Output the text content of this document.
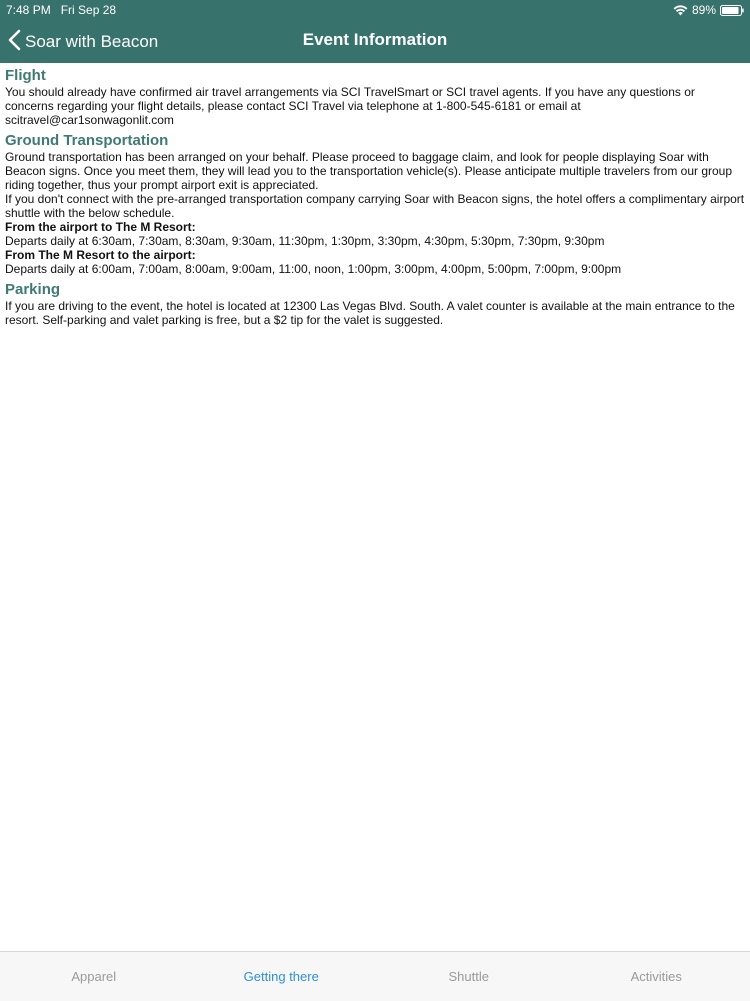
7:48 PM Fri Sep 28	89%
Soar with Beacon	Event Information
Flight

You should already have confirmed air travel arrangements via SCI TravelSmart or SCI travel agents. If you have any questions or concerns regarding your flight details, please contact SCI Travel via telephone at 1-800-545-6181 or email at scitravel@car1sonwagonlit.com

Ground Transportation

Ground transportation has been arranged on your behalf. Please proceed to baggage claim, and look for people displaying Soar with Beacon signs. Once you meet them, they will lead you to the transportation vehicle(s). Please anticipate multiple travelers from our group riding together, thus your prompt airport exit is appreciated.

If you don't connect with the pre-arranged transportation company carrying Soar with Beacon signs, the hotel offers a complimentary airport shuttle with the below schedule.

From the airport to The M Resort:

Departs daily at 6:30am, 7:30am, 8:30am, 9:30am, 11:30pm, 1:30pm, 3:30pm, 4:30pm, 5:30pm, 7:30pm, 9:30pm

From The M Resort to the airport:

Departs daily at 6:00am, 7:00am, 8:00am, 9:00am, 11:00, noon, 1:00pm, 3:00pm, 4:00pm, 5:00pm, 7:00pm, 9:00pm

Parking

If you are driving to the event, the hotel is located at 12300 Las Vegas Blvd. South. A valet counter is available at the main entrance to the resort. Self-parking and valet parking is free, but a $2 tip for the valet is suggested.

Apparel	Getting there	Shuttle	Activities
